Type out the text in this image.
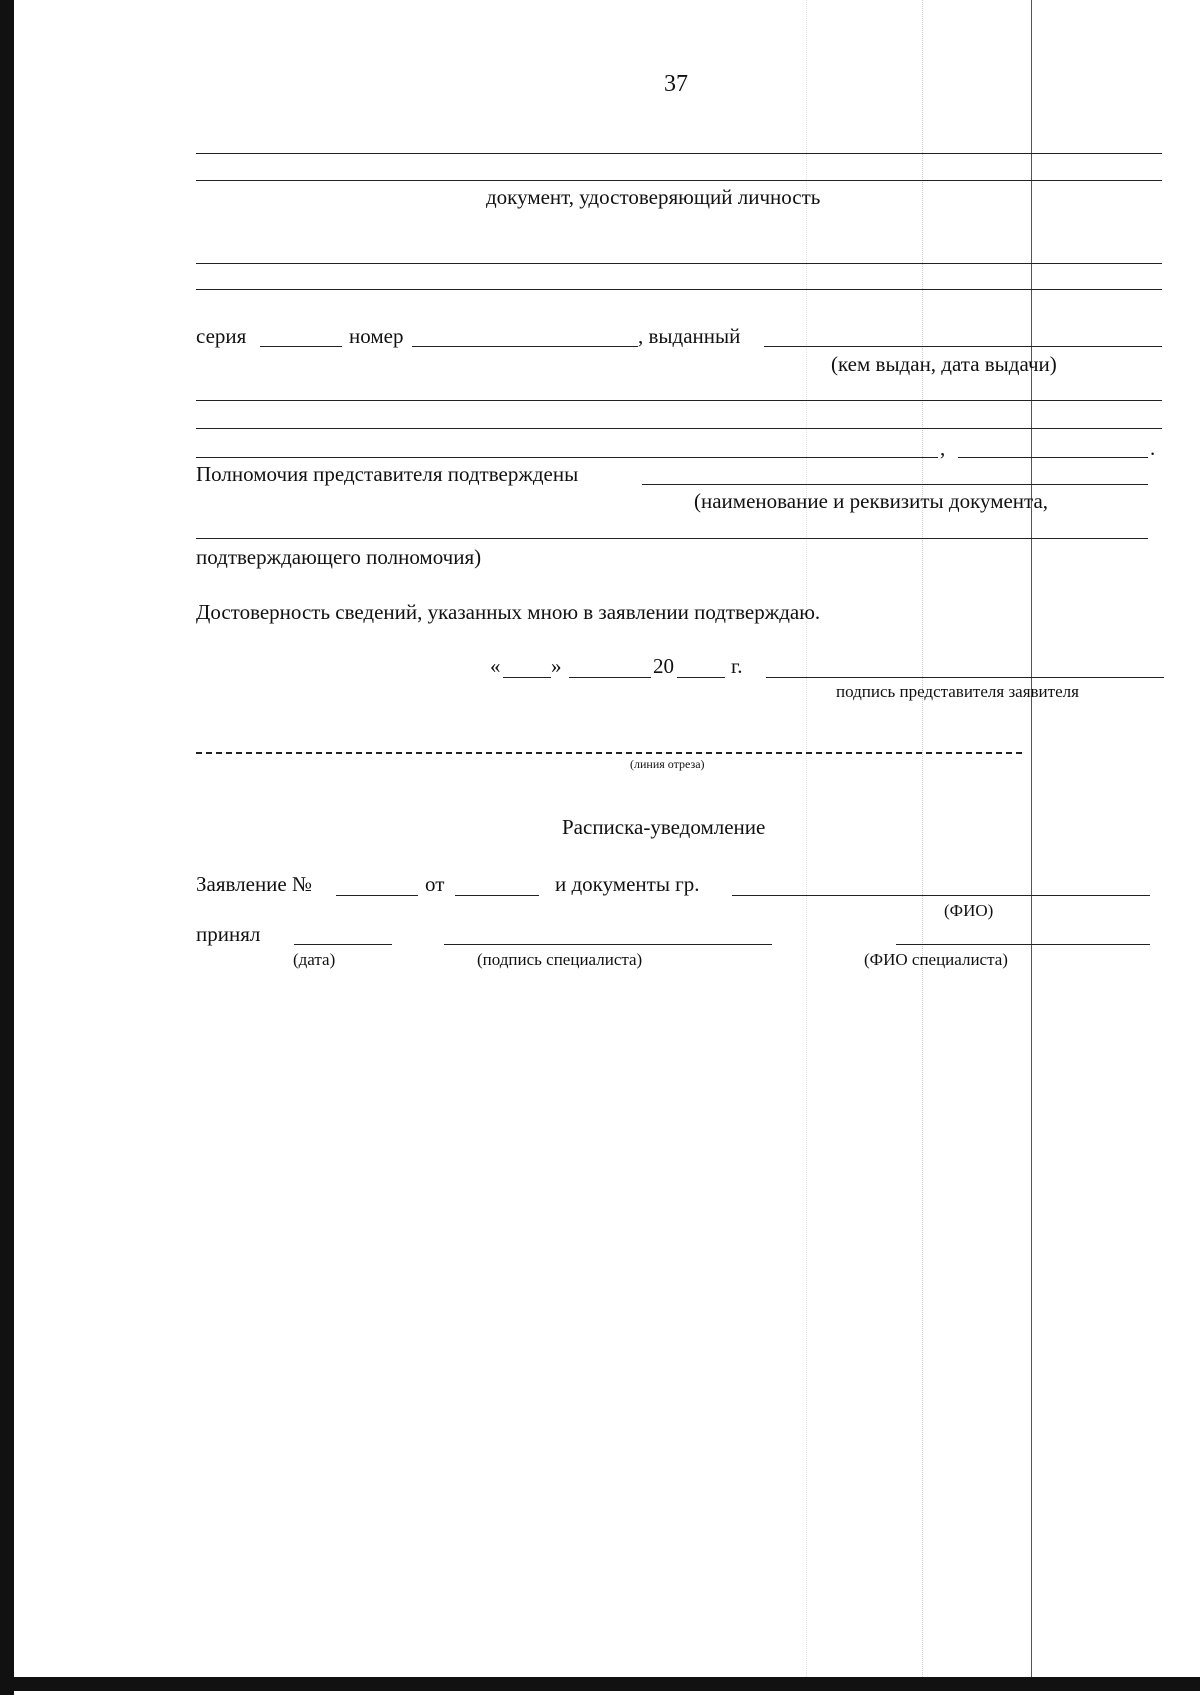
37
документ, удостоверяющий личность
серия	номер	, выданный
(кем выдан, дата выдачи)
,	.
Полномочия представителя подтверждены
(наименование и реквизиты документа,
подтверждающего полномочия)
Достоверность сведений, указанных мною в заявлении подтверждаю.
« »	20	г.
подпись представителя заявителя
(линия отреза)
Расписка-уведомление
Заявление №	от	и документы гр.
(ФИО)
принял
(дата)	(подпись специалиста)	(ФИО специалиста)
